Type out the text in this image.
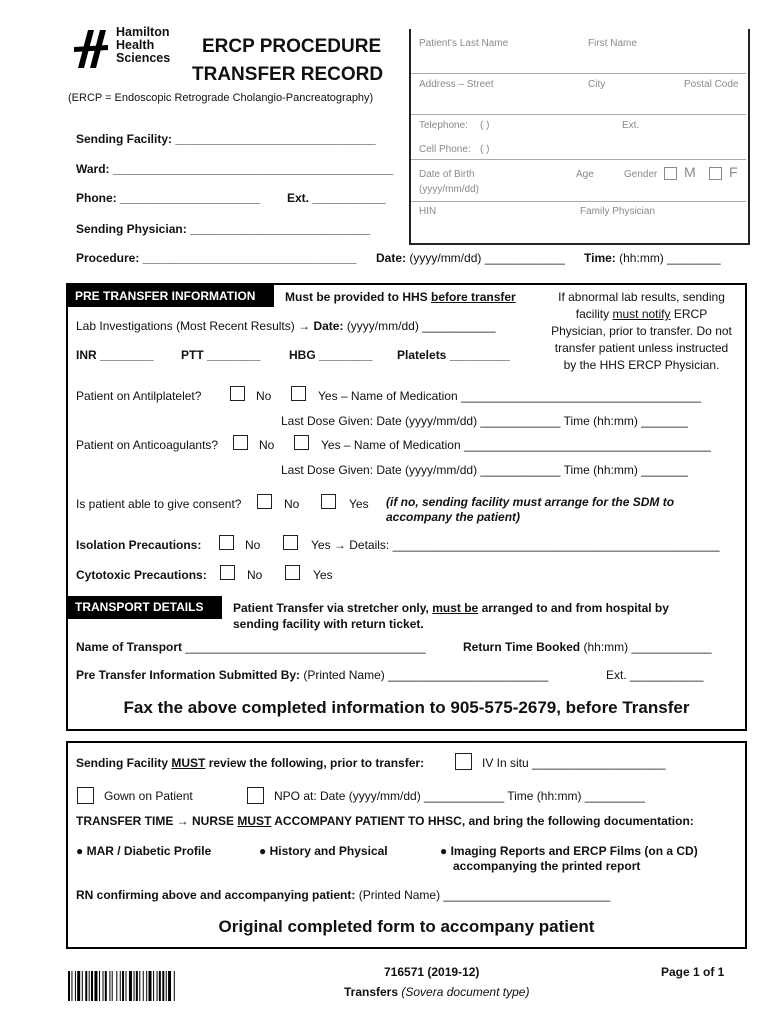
Hamilton
Health
Sciences
ERCP PROCEDURE
TRANSFER RECORD
(ERCP = Endoscopic Retrograde Cholangio-Pancreatography)
Patient's Last Name	First Name
Address – Street	City	Postal Code
Telephone: ( )	Ext.
Cell Phone: ( )
Date of Birth
(yyyy/mm/dd)
Age	Gender M F
HIN	Family Physician
Sending Facility: ______________________________
Ward: __________________________________________
Phone: _____________________ Ext. ___________
Sending Physician: ___________________________
Procedure: ________________________________ Date: (yyyy/mm/dd) ____________ Time: (hh:mm) ________
PRE TRANSFER INFORMATION	Must be provided to HHS before transfer	If abnormal lab results, sending
facility must notify ERCP
Physician, prior to transfer. Do not
transfer patient unless instructed
by the HHS ERCP Physician.
Lab Investigations (Most Recent Results) → Date: (yyyy/mm/dd) ___________
INR ________ PTT ________ HBG ________ Platelets _________
Patient on Antilplatelet?	No	Yes – Name of Medication ____________________________________
Last Dose Given: Date (yyyy/mm/dd) ____________ Time (hh:mm) _______
Patient on Anticoagulants?	No	Yes – Name of Medication _____________________________________
Last Dose Given: Date (yyyy/mm/dd) ____________ Time (hh:mm) _______
Is patient able to give consent?	No	Yes (if no, sending facility must arrange for the SDM to
accompany the patient)
Isolation Precautions:	No	Yes → Details: _________________________________________________
Cytotoxic Precautions:	No	Yes
TRANSPORT DETAILS	Patient Transfer via stretcher only, must be arranged to and from hospital by
sending facility with return ticket.
Name of Transport ____________________________________	Return Time Booked (hh:mm) ____________
Pre Transfer Information Submitted By: (Printed Name) ________________________	Ext. ___________
Fax the above completed information to 905-575-2679, before Transfer
Sending Facility MUST review the following, prior to transfer:	IV In situ ____________________
Gown on Patient	NPO at: Date (yyyy/mm/dd) ____________ Time (hh:mm) _________
TRANSFER TIME → NURSE MUST ACCOMPANY PATIENT TO HHSC, and bring the following documentation:
● MAR / Diabetic Profile	● History and Physical	● Imaging Reports and ERCP Films (on a CD)
accompanying the printed report
RN confirming above and accompanying patient: (Printed Name) _________________________
Original completed form to accompany patient
716571 (2019-12)
Transfers (Sovera document type)
Page 1 of 1
